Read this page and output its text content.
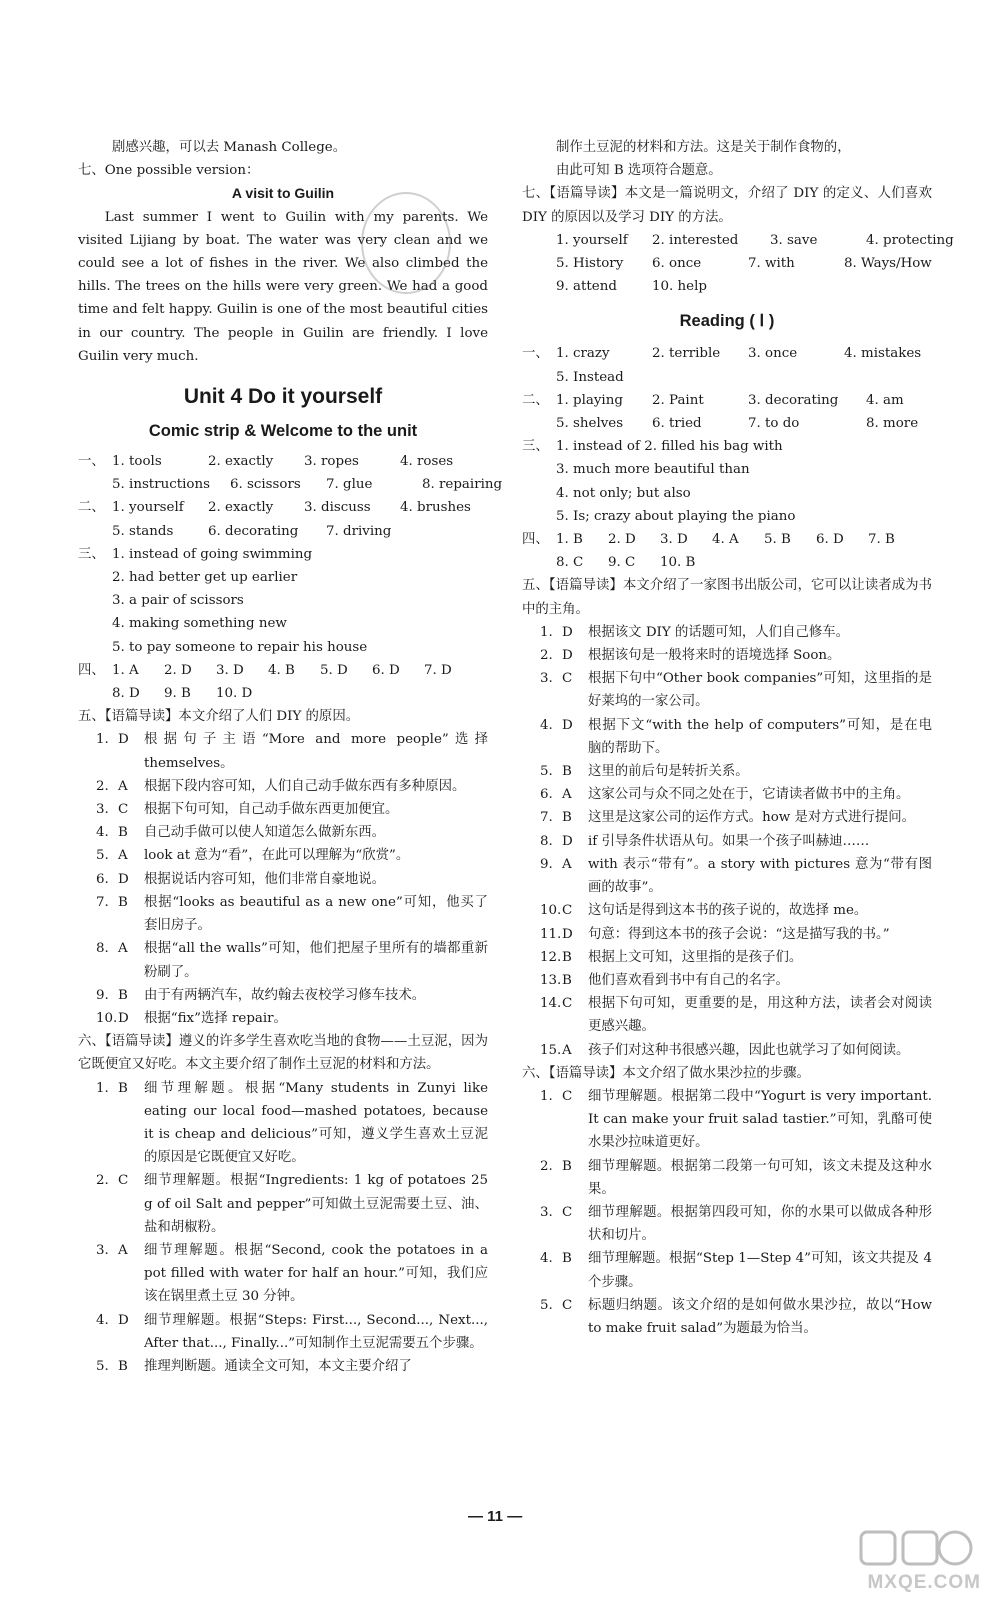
剧感兴趣，可以去 Manash College。
七、One possible version：
A visit to Guilin
Last summer I went to Guilin with my parents. We visited Lijiang by boat. The water was very clean and we could see a lot of fishes in the river. We also climbed the hills. The trees on the hills were very green. We had a good time and felt happy. Guilin is one of the most beautiful cities in our country. The people in Guilin are friendly. I love Guilin very much.
Unit 4 Do it yourself
Comic strip & Welcome to the unit
一、 1. tools	2. exactly 3. ropes	4. roses
5. instructions 6. scissors 7. glue	8. repairing
二、 1. yourself 2. exactly 3. discuss 4. brushes
5. stands	6. decorating 7. driving
三、 1. instead of going swimming
2. had better get up earlier
3. a pair of scissors
4. making something new
5. to pay someone to repair his house
四、 1. A 2. D 3. D 4. B 5. D 6. D 7. D
8. D 9. B 10. D
五、【语篇导读】本文介绍了人们 DIY 的原因。
1. D	根据句子主语“More and more people”选择 themselves。
2. A	根据下段内容可知，人们自己动手做东西有多种原因。
3. C	根据下句可知，自己动手做东西更加便宜。
4. B	自己动手做可以使人知道怎么做新东西。
5. A	look at 意为“看”，在此可以理解为“欣赏”。
6. D	根据说话内容可知，他们非常自豪地说。
7. B	根据“looks as beautiful as a new one”可知，他买了套旧房子。
8. A	根据“all the walls”可知，他们把屋子里所有的墙都重新粉刷了。
9. B	由于有两辆汽车，故约翰去夜校学习修车技术。
10. D	根据“fix”选择 repair。
六、【语篇导读】遵义的许多学生喜欢吃当地的食物——土豆泥，因为它既便宜又好吃。本文主要介绍了制作土豆泥的材料和方法。
1. B	细节理解题。根据“Many students in Zunyi like eating our local food—mashed potatoes, because it is cheap and delicious”可知，遵义学生喜欢土豆泥的原因是它既便宜又好吃。
2. C	细节理解题。根据“Ingredients: 1 kg of potatoes 25 g of oil Salt and pepper”可知做土豆泥需要土豆、油、盐和胡椒粉。
3. A	细节理解题。根据“Second, cook the potatoes in a pot filled with water for half an hour.”可知，我们应该在锅里煮土豆 30 分钟。
4. D	细节理解题。根据“Steps: First..., Second..., Next..., After that..., Finally...”可知制作土豆泥需要五个步骤。
5. B	推理判断题。通读全文可知，本文主要介绍了
制作土豆泥的材料和方法。这是关于制作食物的，
由此可知 B 选项符合题意。
七、【语篇导读】本文是一篇说明文，介绍了 DIY 的定义、人们喜欢 DIY 的原因以及学习 DIY 的方法。
1. yourself 2. interested 3. save	4. protecting
5. History 6. once	7. with	8. Ways/How
9. attend	10. help
Reading ( Ⅰ )
一、 1. crazy	2. terrible 3. once	4. mistakes
5. Instead
二、 1. playing 2. Paint	3. decorating 4. am
5. shelves 6. tried	7. to do	8. more
三、 1. instead of 2. filled his bag with
3. much more beautiful than
4. not only; but also
5. Is; crazy about playing the piano
四、 1. B 2. D 3. D 4. A 5. B 6. D 7. B
8. C 9. C 10. B
五、【语篇导读】本文介绍了一家图书出版公司，它可以让读者成为书中的主角。
1. D	根据该文 DIY 的话题可知，人们自己修车。
2. D	根据该句是一般将来时的语境选择 Soon。
3. C	根据下句中“Other book companies”可知，这里指的是好莱坞的一家公司。
4. D	根据下文“with the help of computers”可知，是在电脑的帮助下。
5. B	这里的前后句是转折关系。
6. A	这家公司与众不同之处在于，它请读者做书中的主角。
7. B	这里是这家公司的运作方式。how 是对方式进行提问。
8. D	if 引导条件状语从句。如果一个孩子叫赫迪……
9. A	with 表示“带有”。a story with pictures 意为“带有图画的故事”。
10. C	这句话是得到这本书的孩子说的，故选择 me。
11. D	句意：得到这本书的孩子会说：“这是描写我的书。”
12. B	根据上文可知，这里指的是孩子们。
13. B	他们喜欢看到书中有自己的名字。
14. C	根据下句可知，更重要的是，用这种方法，读者会对阅读更感兴趣。
15. A	孩子们对这种书很感兴趣，因此也就学习了如何阅读。
六、【语篇导读】本文介绍了做水果沙拉的步骤。
1. C	细节理解题。根据第二段中“Yogurt is very important. It can make your fruit salad tastier.”可知，乳酪可使水果沙拉味道更好。
2. B	细节理解题。根据第二段第一句可知，该文未提及这种水果。
3. C	细节理解题。根据第四段可知，你的水果可以做成各种形状和切片。
4. B	细节理解题。根据“Step 1—Step 4”可知，该文共提及 4 个步骤。
5. C	标题归纳题。该文介绍的是如何做水果沙拉，故以“How to make fruit salad”为题最为恰当。
— 11 —
MXQE.COM
